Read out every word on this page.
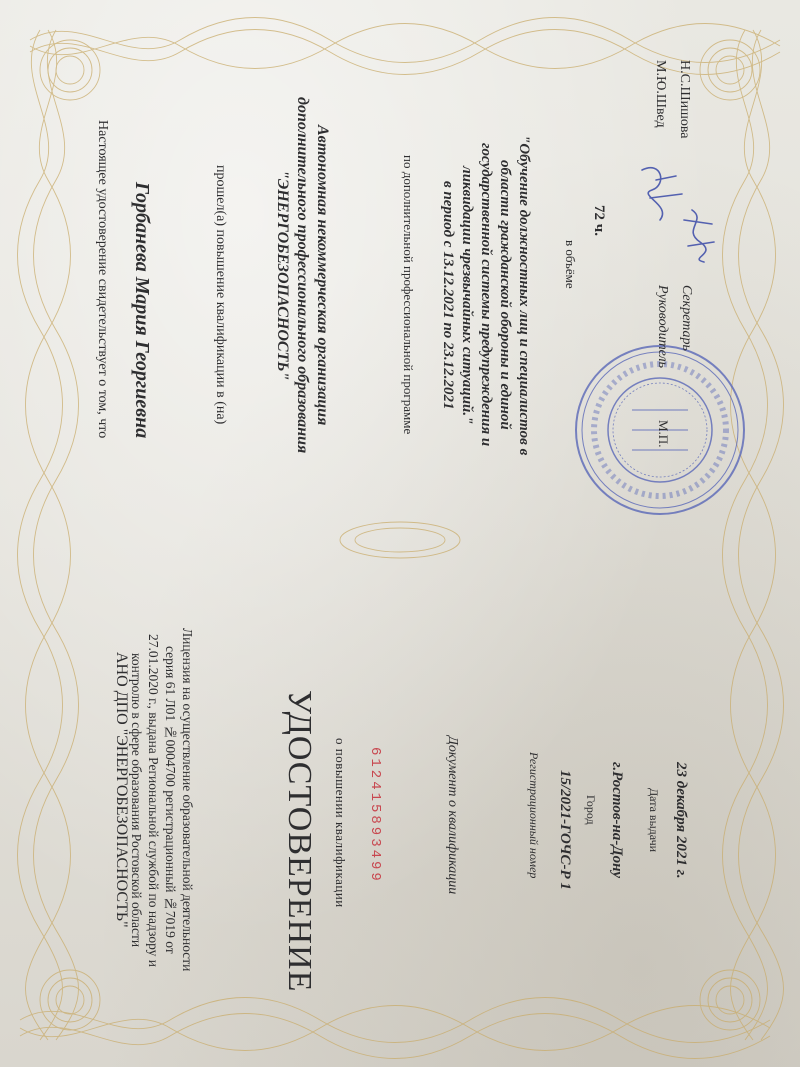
Настоящее удостоверение свидетельствует о том, что Горбанева Мария Георгиевна	прошел(а) повышение квалификации в (на)	Автономная некоммерческая организация
дополнительного профессионального образования
"ЭНЕРГОБЕЗОПАСНОСТЬ"	по дополнительной профессиональной программе	"Обучение должностных лиц и специалистов в
области гражданской обороны и единой
государственной системы предупреждения и
ликвидации чрезвычайных ситуаций."
в период с 13.12.2021 по 23.12.2021	в объёме
72 ч.
Руководитель Секретарь
М.Ю.Швед Н.С.Шишова
М.П.
АНО ДПО "ЭНЕРГОБЕЗОПАСНОСТЬ"	Лицензия на осуществление образовательной деятельности
серия 61 Л01 №0004700 регистрационный №7019 от
27.01.2020 г., выдана Региональной службой по надзору и
контролю в сфере образования Ростовской области	УДОСТОВЕРЕНИЕ о повышении квалификации 612415893499	Документ о квалификации	Регистрационный номер 15/2021-ГОЧС-Р 1 Город г.Ростов-на-Дону Дата выдачи 23 декабря 2021 г.
